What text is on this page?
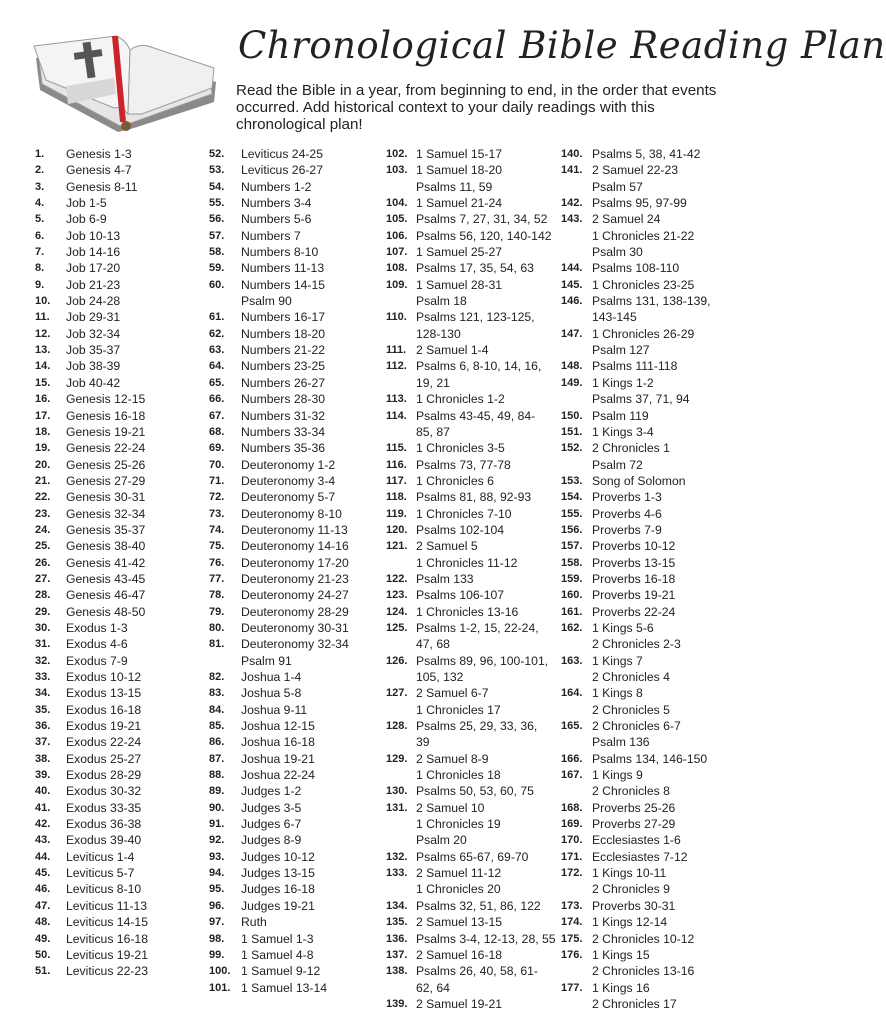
Chronological Bible Reading Plan
Read the Bible in a year, from beginning to end, in the order that events occurred. Add historical context to your daily readings with this chronological plan!
1.	Genesis 1-3
2.	Genesis 4-7
3.	Genesis 8-11
4.	Job 1-5
5.	Job 6-9
6.	Job 10-13
7.	Job 14-16
8.	Job 17-20
9.	Job 21-23
10.	Job 24-28
11.	Job 29-31
12.	Job 32-34
13.	Job 35-37
14.	Job 38-39
15.	Job 40-42
16.	Genesis 12-15
17.	Genesis 16-18
18.	Genesis 19-21
19.	Genesis 22-24
20.	Genesis 25-26
21.	Genesis 27-29
22.	Genesis 30-31
23.	Genesis 32-34
24.	Genesis 35-37
25.	Genesis 38-40
26.	Genesis 41-42
27.	Genesis 43-45
28.	Genesis 46-47
29.	Genesis 48-50
30.	Exodus 1-3
31.	Exodus 4-6
32.	Exodus 7-9
33.	Exodus 10-12
34.	Exodus 13-15
35.	Exodus 16-18
36.	Exodus 19-21
37.	Exodus 22-24
38.	Exodus 25-27
39.	Exodus 28-29
40.	Exodus 30-32
41.	Exodus 33-35
42.	Exodus 36-38
43.	Exodus 39-40
44.	Leviticus 1-4
45.	Leviticus 5-7
46.	Leviticus 8-10
47.	Leviticus 11-13
48.	Leviticus 14-15
49.	Leviticus 16-18
50.	Leviticus 19-21
51.	Leviticus 22-23
52.	Leviticus 24-25
53.	Leviticus 26-27
54.	Numbers 1-2
55.	Numbers 3-4
56.	Numbers 5-6
57.	Numbers 7
58.	Numbers 8-10
59.	Numbers 11-13
60.	Numbers 14-15
Psalm 90
61.	Numbers 16-17
62.	Numbers 18-20
63.	Numbers 21-22
64.	Numbers 23-25
65.	Numbers 26-27
66.	Numbers 28-30
67.	Numbers 31-32
68.	Numbers 33-34
69.	Numbers 35-36
70.	Deuteronomy 1-2
71.	Deuteronomy 3-4
72.	Deuteronomy 5-7
73.	Deuteronomy 8-10
74.	Deuteronomy 11-13
75.	Deuteronomy 14-16
76.	Deuteronomy 17-20
77.	Deuteronomy 21-23
78.	Deuteronomy 24-27
79.	Deuteronomy 28-29
80.	Deuteronomy 30-31
81.	Deuteronomy 32-34
Psalm 91
82.	Joshua 1-4
83.	Joshua 5-8
84.	Joshua 9-11
85.	Joshua 12-15
86.	Joshua 16-18
87.	Joshua 19-21
88.	Joshua 22-24
89.	Judges 1-2
90.	Judges 3-5
91.	Judges 6-7
92.	Judges 8-9
93.	Judges 10-12
94.	Judges 13-15
95.	Judges 16-18
96.	Judges 19-21
97.	Ruth
98.	1 Samuel 1-3
99.	1 Samuel 4-8
100. 1 Samuel 9-12
101. 1 Samuel 13-14
102. 1 Samuel 15-17
103. 1 Samuel 18-20
Psalms 11, 59
104. 1 Samuel 21-24
105. Psalms 7, 27, 31, 34, 52
106. Psalms 56, 120, 140-142
107. 1 Samuel 25-27
108. Psalms 17, 35, 54, 63
109. 1 Samuel 28-31
Psalm 18
110. Psalms 121, 123-125,
128-130
111. 2 Samuel 1-4
112. Psalms 6, 8-10, 14, 16,
19, 21
113. 1 Chronicles 1-2
114. Psalms 43-45, 49, 84-
85, 87
115. 1 Chronicles 3-5
116. Psalms 73, 77-78
117. 1 Chronicles 6
118. Psalms 81, 88, 92-93
119. 1 Chronicles 7-10
120. Psalms 102-104
121. 2 Samuel 5
1 Chronicles 11-12
122. Psalm 133
123. Psalms 106-107
124. 1 Chronicles 13-16
125. Psalms 1-2, 15, 22-24,
47, 68
126. Psalms 89, 96, 100-101,
105, 132
127. 2 Samuel 6-7
1 Chronicles 17
128. Psalms 25, 29, 33, 36,
39
129. 2 Samuel 8-9
1 Chronicles 18
130. Psalms 50, 53, 60, 75
131. 2 Samuel 10
1 Chronicles 19
Psalm 20
132. Psalms 65-67, 69-70
133. 2 Samuel 11-12
1 Chronicles 20
134. Psalms 32, 51, 86, 122
135. 2 Samuel 13-15
136. Psalms 3-4, 12-13, 28, 55
137. 2 Samuel 16-18
138. Psalms 26, 40, 58, 61-
62, 64
139. 2 Samuel 19-21
140. Psalms 5, 38, 41-42
141. 2 Samuel 22-23
Psalm 57
142. Psalms 95, 97-99
143. 2 Samuel 24
1 Chronicles 21-22
Psalm 30
144. Psalms 108-110
145. 1 Chronicles 23-25
146. Psalms 131, 138-139,
143-145
147. 1 Chronicles 26-29
Psalm 127
148. Psalms 111-118
149. 1 Kings 1-2
Psalms 37, 71, 94
150. Psalm 119
151. 1 Kings 3-4
152. 2 Chronicles 1
Psalm 72
153. Song of Solomon
154. Proverbs 1-3
155. Proverbs 4-6
156. Proverbs 7-9
157. Proverbs 10-12
158. Proverbs 13-15
159. Proverbs 16-18
160. Proverbs 19-21
161. Proverbs 22-24
162. 1 Kings 5-6
2 Chronicles 2-3
163. 1 Kings 7
2 Chronicles 4
164. 1 Kings 8
2 Chronicles 5
165. 2 Chronicles 6-7
Psalm 136
166. Psalms 134, 146-150
167. 1 Kings 9
2 Chronicles 8
168. Proverbs 25-26
169. Proverbs 27-29
170. Ecclesiastes 1-6
171. Ecclesiastes 7-12
172. 1 Kings 10-11
2 Chronicles 9
173. Proverbs 30-31
174. 1 Kings 12-14
175. 2 Chronicles 10-12
176. 1 Kings 15
2 Chronicles 13-16
177. 1 Kings 16
2 Chronicles 17
